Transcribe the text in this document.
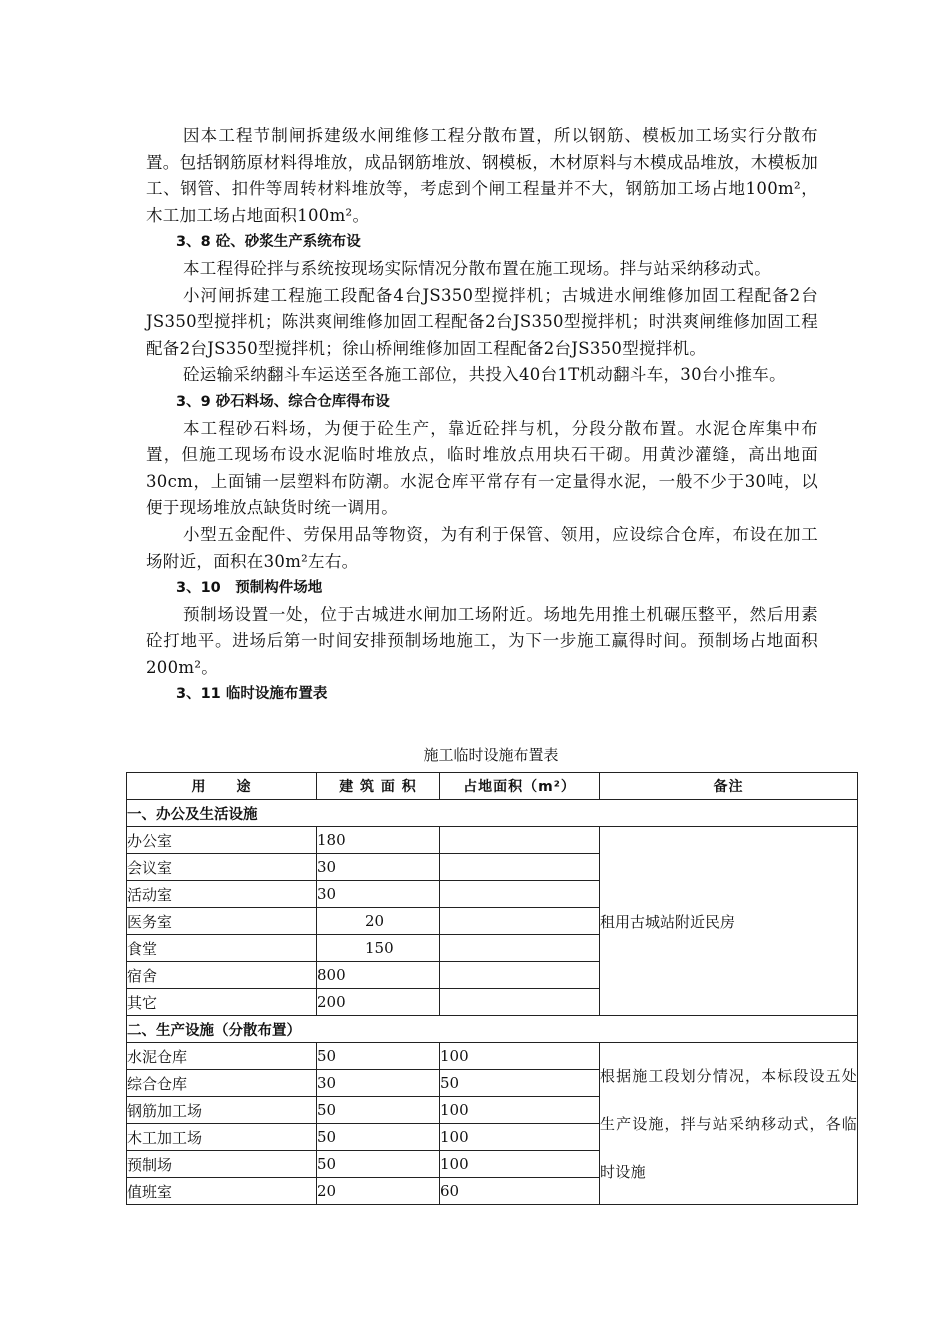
因本工程节制闸拆建级水闸维修工程分散布置，所以钢筋、模板加工场实行分散布置。包括钢筋原材料得堆放，成品钢筋堆放、钢模板，木材原料与木模成品堆放，木模板加工、钢管、扣件等周转材料堆放等，考虑到个闸工程量并不大，钢筋加工场占地100m²，木工加工场占地面积100m²。

3、8 砼、砂浆生产系统布设

本工程得砼拌与系统按现场实际情况分散布置在施工现场。拌与站采纳移动式。

小河闸拆建工程施工段配备4台JS350型搅拌机；古城进水闸维修加固工程配备2台JS350型搅拌机；陈洪爽闸维修加固工程配备2台JS350型搅拌机；时洪爽闸维修加固工程配备2台JS350型搅拌机；徐山桥闸维修加固工程配备2台JS350型搅拌机。

砼运输采纳翻斗车运送至各施工部位，共投入40台1T机动翻斗车，30台小推车。

3、9 砂石料场、综合仓库得布设

本工程砂石料场，为便于砼生产，靠近砼拌与机，分段分散布置。水泥仓库集中布置，但施工现场布设水泥临时堆放点，临时堆放点用块石干砌。用黄沙灌缝，高出地面30cm，上面铺一层塑料布防潮。水泥仓库平常存有一定量得水泥，一般不少于30吨，以便于现场堆放点缺货时统一调用。

小型五金配件、劳保用品等物资，为有利于保管、领用，应设综合仓库，布设在加工场附近，面积在30m²左右。

3、10　预制构件场地

预制场设置一处，位于古城进水闸加工场附近。场地先用推土机碾压整平，然后用素砼打地平。进场后第一时间安排预制场地施工，为下一步施工赢得时间。预制场占地面积200m²。

3、11 临时设施布置表
施工临时设施布置表
用　　途	建 筑 面 积	占地面积（m²）	备注
一、办公及生活设施			
办公室	180		租用古城站附近民房
会议室	30		
活动室	30		
医务室	20		
食堂	150		
宿舍	800		
其它	200		
二、生产设施（分散布置）			
水泥仓库	50	100	根据施工段划分情况，本标段设五处生产设施，拌与站采纳移动式，各临时设施
综合仓库	30	50	
钢筋加工场	50	100	
木工加工场	50	100	
预制场	50	100	
值班室	20	60	
